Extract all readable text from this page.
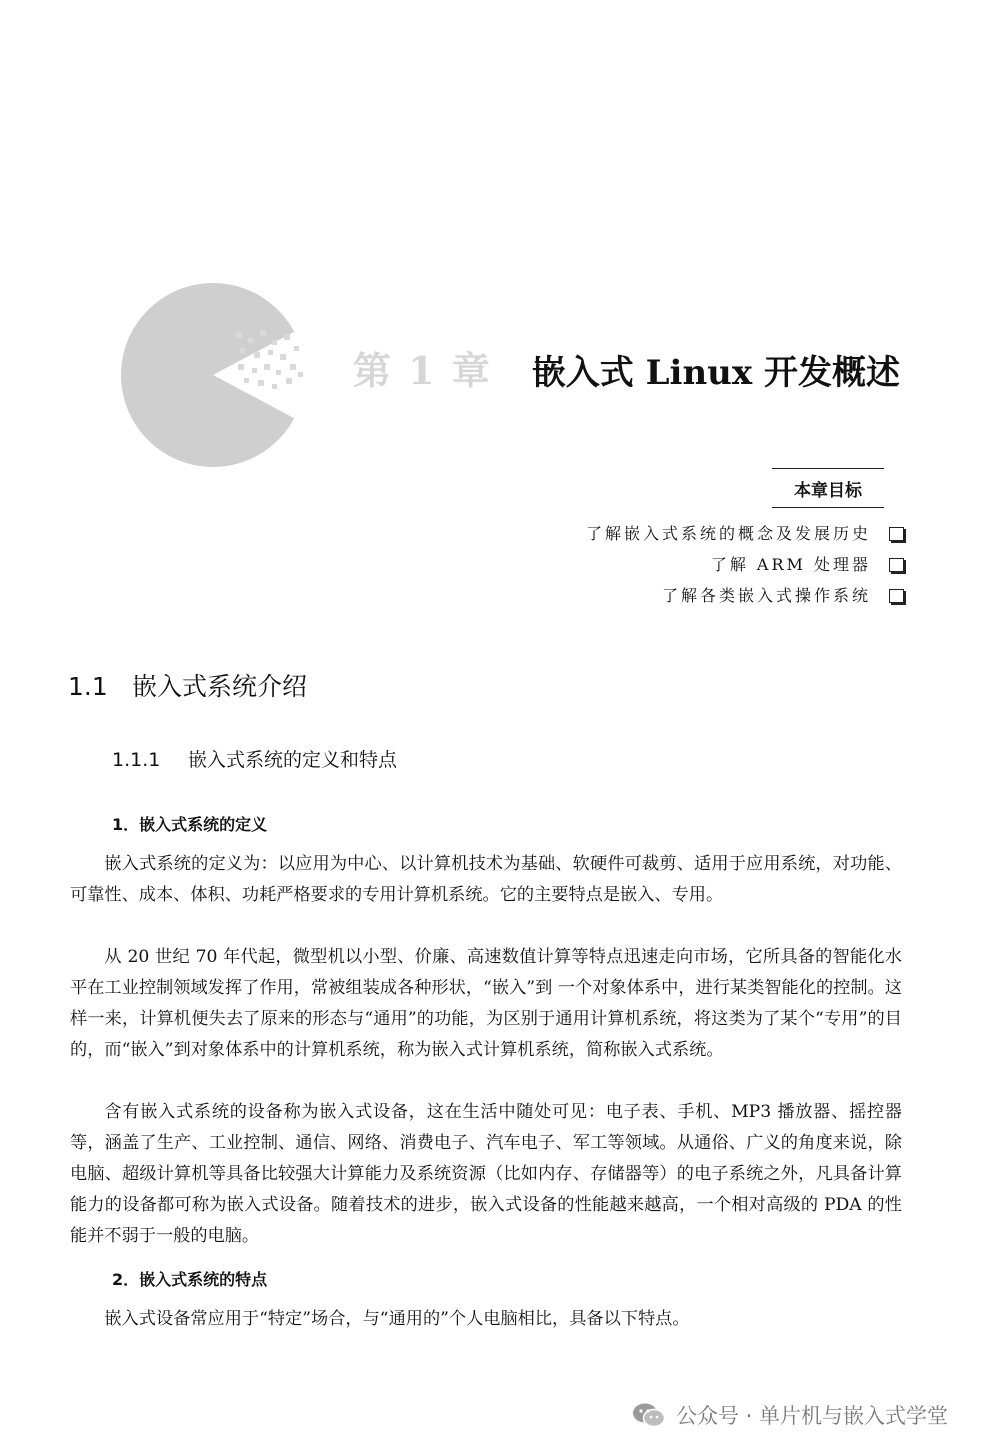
第 1 章 嵌入式 Linux 开发概述
本章目标
了解嵌入式系统的概念及发展历史
了解 ARM 处理器
了解各类嵌入式操作系统
1.1 嵌入式系统介绍
1.1.1 嵌入式系统的定义和特点
1．嵌入式系统的定义

嵌入式系统的定义为：以应用为中心、以计算机技术为基础、软硬件可裁剪、适用于应用系统，对功能、可靠性、成本、体积、功耗严格要求的专用计算机系统。它的主要特点是嵌入、专用。

从 20 世纪 70 年代起，微型机以小型、价廉、高速数值计算等特点迅速走向市场，它所具备的智能化水平在工业控制领域发挥了作用，常被组装成各种形状，“嵌入”到 一个对象体系中，进行某类智能化的控制。这样一来，计算机便失去了原来的形态与“通用”的功能，为区别于通用计算机系统，将这类为了某个“专用”的目的，而“嵌入”到对象体系中的计算机系统，称为嵌入式计算机系统，简称嵌入式系统。

含有嵌入式系统的设备称为嵌入式设备，这在生活中随处可见：电子表、手机、MP3 播放器、摇控器等，涵盖了生产、工业控制、通信、网络、消费电子、汽车电子、军工等领域。从通俗、广义的角度来说，除电脑、超级计算机等具备比较强大计算能力及系统资源（比如内存、存储器等）的电子系统之外，凡具备计算能力的设备都可称为嵌入式设备。随着技术的进步，嵌入式设备的性能越来越高，一个相对高级的 PDA 的性能并不弱于一般的电脑。

2．嵌入式系统的特点

嵌入式设备常应用于“特定”场合，与“通用的”个人电脑相比，具备以下特点。

公众号 · 单片机与嵌入式学堂
